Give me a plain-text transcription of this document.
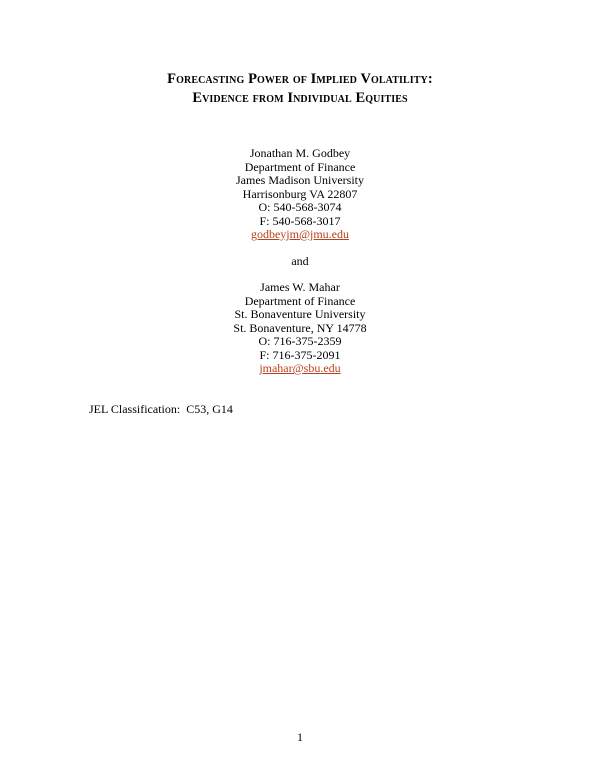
Forecasting Power of Implied Volatility:
Evidence from Individual Equities
Jonathan M. Godbey
Department of Finance
James Madison University
Harrisonburg VA 22807
O: 540-568-3074
F: 540-568-3017
godbeyjm@jmu.edu
and
James W. Mahar
Department of Finance
St. Bonaventure University
St. Bonaventure, NY 14778
O: 716-375-2359
F: 716-375-2091
jmahar@sbu.edu
JEL Classification:  C53, G14
1
